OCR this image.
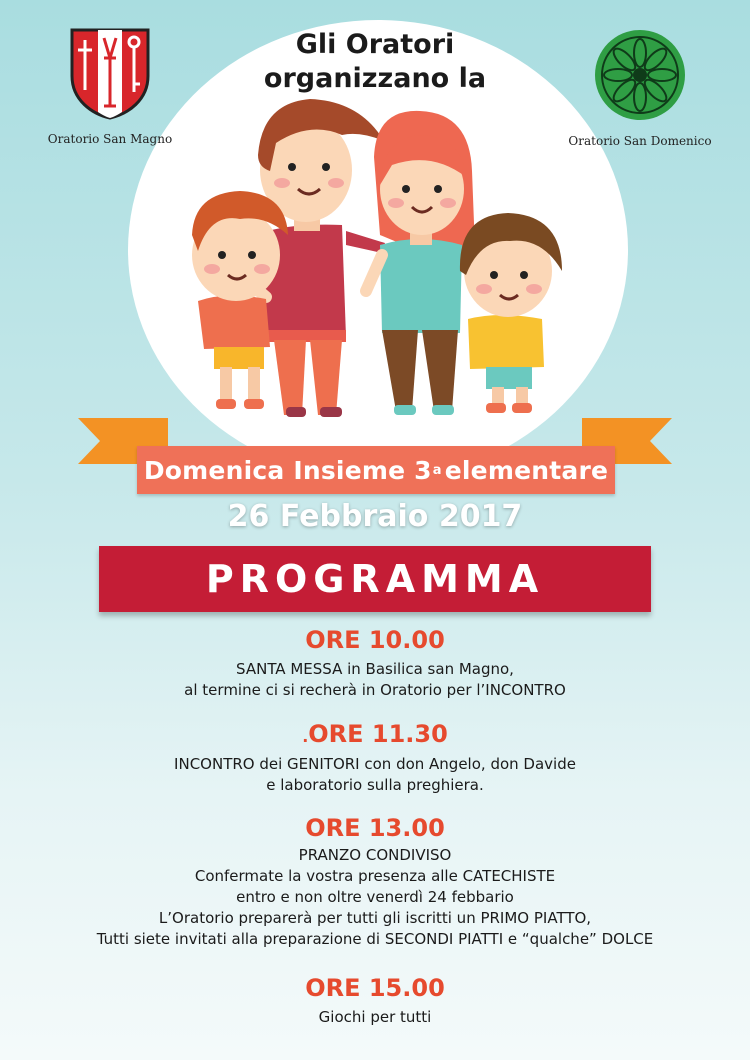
Oratorio San Magno	Oratorio San Domenico
Gli Oratori
organizzano la
Domenica Insieme 3 a elementare
26 Febbraio 2017
PROGRAMMA
ORE 10.00
SANTA MESSA in Basilica san Magno,
al termine ci si recherà in Oratorio per l’INCONTRO
.ORE 11.30
INCONTRO dei GENITORI con don Angelo, don Davide
e laboratorio sulla preghiera.
ORE 13.00
PRANZO CONDIVISO
Confermate la vostra presenza alle CATECHISTE
entro e non oltre venerdì 24 febbario
L’Oratorio preparerà per tutti gli iscritti un PRIMO PIATTO,
Tutti siete invitati alla preparazione di SECONDI PIATTI e “qualche” DOLCE
ORE 15.00
Giochi per tutti
